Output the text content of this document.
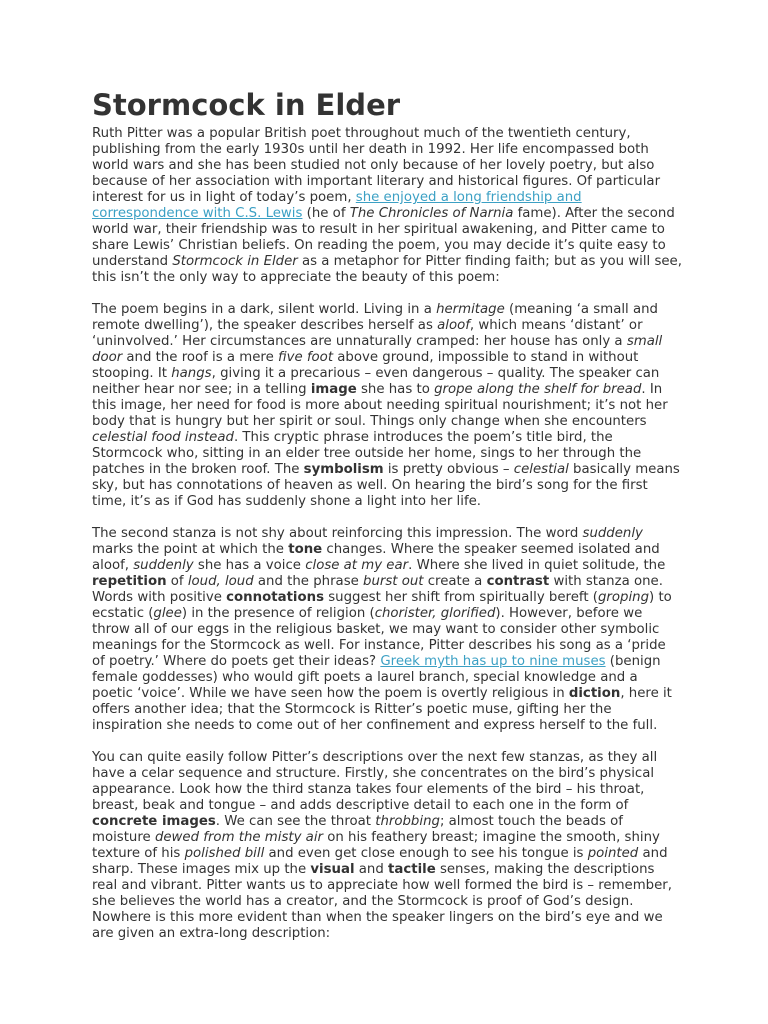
Stormcock in Elder

Ruth Pitter was a popular British poet throughout much of the twentieth century, publishing from the early 1930s until her death in 1992. Her life encompassed both world wars and she has been studied not only because of her lovely poetry, but also because of her association with important literary and historical figures. Of particular interest for us in light of today’s poem, she enjoyed a long friendship and correspondence with C.S. Lewis (he of The Chronicles of Narnia fame). After the second world war, their friendship was to result in her spiritual awakening, and Pitter came to share Lewis’ Christian beliefs. On reading the poem, you may decide it’s quite easy to understand Stormcock in Elder as a metaphor for Pitter finding faith; but as you will see, this isn’t the only way to appreciate the beauty of this poem:

The poem begins in a dark, silent world. Living in a hermitage (meaning ‘a small and remote dwelling’), the speaker describes herself as aloof, which means ‘distant’ or ‘uninvolved.’ Her circumstances are unnaturally cramped: her house has only a small door and the roof is a mere five foot above ground, impossible to stand in without stooping. It hangs, giving it a precarious – even dangerous – quality. The speaker can neither hear nor see; in a telling image she has to grope along the shelf for bread. In this image, her need for food is more about needing spiritual nourishment; it’s not her body that is hungry but her spirit or soul. Things only change when she encounters celestial food instead. This cryptic phrase introduces the poem’s title bird, the Stormcock who, sitting in an elder tree outside her home, sings to her through the patches in the broken roof. The symbolism is pretty obvious – celestial basically means sky, but has connotations of heaven as well. On hearing the bird’s song for the first time, it’s as if God has suddenly shone a light into her life.

The second stanza is not shy about reinforcing this impression. The word suddenly marks the point at which the tone changes. Where the speaker seemed isolated and aloof, suddenly she has a voice close at my ear. Where she lived in quiet solitude, the repetition of loud, loud and the phrase burst out create a contrast with stanza one. Words with positive connotations suggest her shift from spiritually bereft (groping) to ecstatic (glee) in the presence of religion (chorister, glorified). However, before we throw all of our eggs in the religious basket, we may want to consider other symbolic meanings for the Stormcock as well. For instance, Pitter describes his song as a ‘pride of poetry.’ Where do poets get their ideas? Greek myth has up to nine muses (benign female goddesses) who would gift poets a laurel branch, special knowledge and a poetic ‘voice’. While we have seen how the poem is overtly religious in diction, here it offers another idea; that the Stormcock is Ritter’s poetic muse, gifting her the inspiration she needs to come out of her confinement and express herself to the full.

You can quite easily follow Pitter’s descriptions over the next few stanzas, as they all have a celar sequence and structure. Firstly, she concentrates on the bird’s physical appearance. Look how the third stanza takes four elements of the bird – his throat, breast, beak and tongue – and adds descriptive detail to each one in the form of concrete images. We can see the throat throbbing; almost touch the beads of moisture dewed from the misty air on his feathery breast; imagine the smooth, shiny texture of his polished bill and even get close enough to see his tongue is pointed and sharp. These images mix up the visual and tactile senses, making the descriptions real and vibrant. Pitter wants us to appreciate how well formed the bird is – remember, she believes the world has a creator, and the Stormcock is proof of God’s design. Nowhere is this more evident than when the speaker lingers on the bird’s eye and we are given an extra-long description:
